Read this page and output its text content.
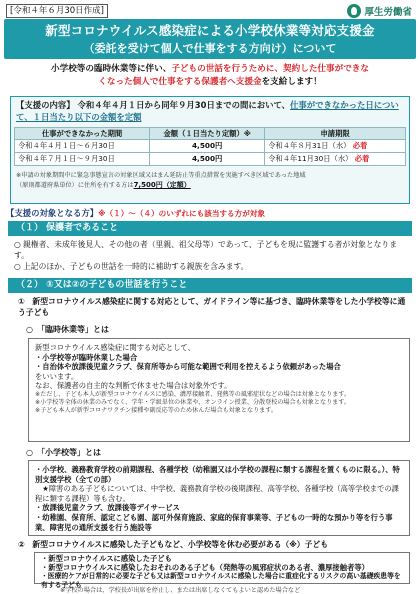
[令和４年６月30日作成]	厚生労働省
新型コロナウイルス感染症による小学校休業等対応支援金
（委託を受けて個人で仕事をする方向け）について
小学校等の臨時休業等に伴い、子どもの世話を行うために、契約した仕事ができな
くなった個人で仕事をする保護者へ支援金を支給します！
【支援の内容】 令和４年４月１日から同年９月30日までの間において、仕事ができなかった日について、１日当たり以下の金額を定額
仕事ができなかった期間	金額（１日当たり定額）※	申請期限
令和４年４月１日～６月30日	4,500円	令和４年８月31日（水） 必着
令和４年７月１日～９月30日	4,500円	令和４年11月30日（水） 必着
※申請の対象期間中に緊急事態宣言の対象区域又はまん延防止等重点措置を実施すべき区域であった地域
（原則都道府県単位）に住所を有する方は7,500円（定額）
【支援の対象となる方】※（１）～（４）のいずれにも該当する方が対象
（１） 保護者であること
○ 親権者、未成年後見人、その他の者（里親、祖父母等）であって、子どもを現に監護する者が対象となります。
○ 上記のほか、子どもの世話を一時的に補助する親族を含みます。
（２） ①又は②の子どもの世話を行うこと
①　新型コロナウイルス感染症に関する対応として、ガイドライン等に基づき、臨時休業等をした小学校等に通う子ども
○　「臨時休業等」とは
新型コロナウイルス感染症に関する対応として、
・小学校等が臨時休業した場合
・自治体や放課後児童クラブ、保育所等から可能な範囲で利用を控えるよう依頼があった場合
をいいます。
なお、保護者の自主的な判断で休ませた場合は対象外です。
※ただし、子ども本人が新型コロナウイルスに感染、濃厚接触者、発熱等の風邪症状などの場合は対象となります。
※小学校等全体の休業のみでなく、学年・学級単位の休業や、オンライン授業、分散登校の場合も対象となります。
※子ども本人が新型コロナワクチン接種や副反応等のため休んだ場合も対象となります。
○　「小学校等」とは
・小学校、義務教育学校の前期課程、各種学校（幼稚園又は小学校の課程に類する課程を置くものに限る。）、特別支援学校（全ての部）
　★障害のある子どもについては、中学校、義務教育学校の後期課程、高等学校、各種学校（高等学校までの課程に類する課程）等も含む。
・放課後児童クラブ、放課後等デイサービス
・幼稚園、保育所、認定こども園、認可外保育施設、家庭的保育事業等、子どもの一時的な預かり等を行う事業、障害児の通所支援を行う施設等
②　新型コロナウイルスに感染した子どもなど、小学校等を休む必要がある（※）子ども
・新型コロナウイルスに感染した子ども
・新型コロナウイルスに感染したおそれのある子ども（発熱等の風邪症状のある者、濃厚接触者等）
・医療的ケアが日常的に必要な子ども又は新型コロナウイルスに感染した場合に重症化するリスクの高い基礎疾患等を有する子ども
※学校の場合は、学校長が出席を停止し、または出席しなくてもよいと認めた場合など
